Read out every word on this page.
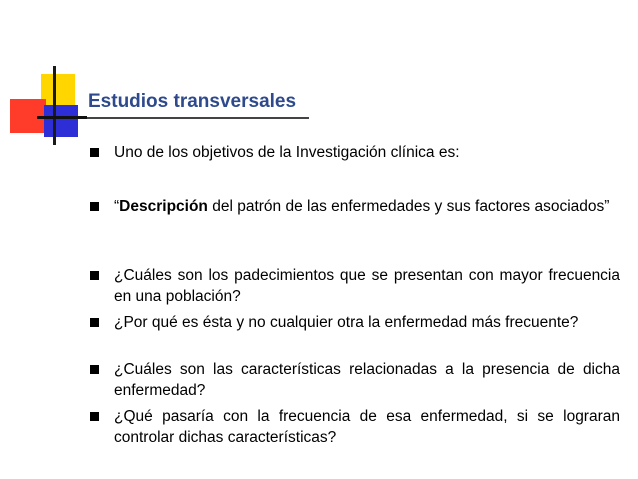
Estudios transversales
Uno de los objetivos de la Investigación clínica es:
“Descripción del patrón de las enfermedades y sus factores asociados”
¿Cuáles son los padecimientos que se presentan con mayor frecuencia en una población?
¿Por qué es ésta y no cualquier otra la enfermedad más frecuente?
¿Cuáles son las características relacionadas a la presencia de dicha enfermedad?
¿Qué pasaría con la frecuencia de esa enfermedad, si se lograran controlar dichas características?
